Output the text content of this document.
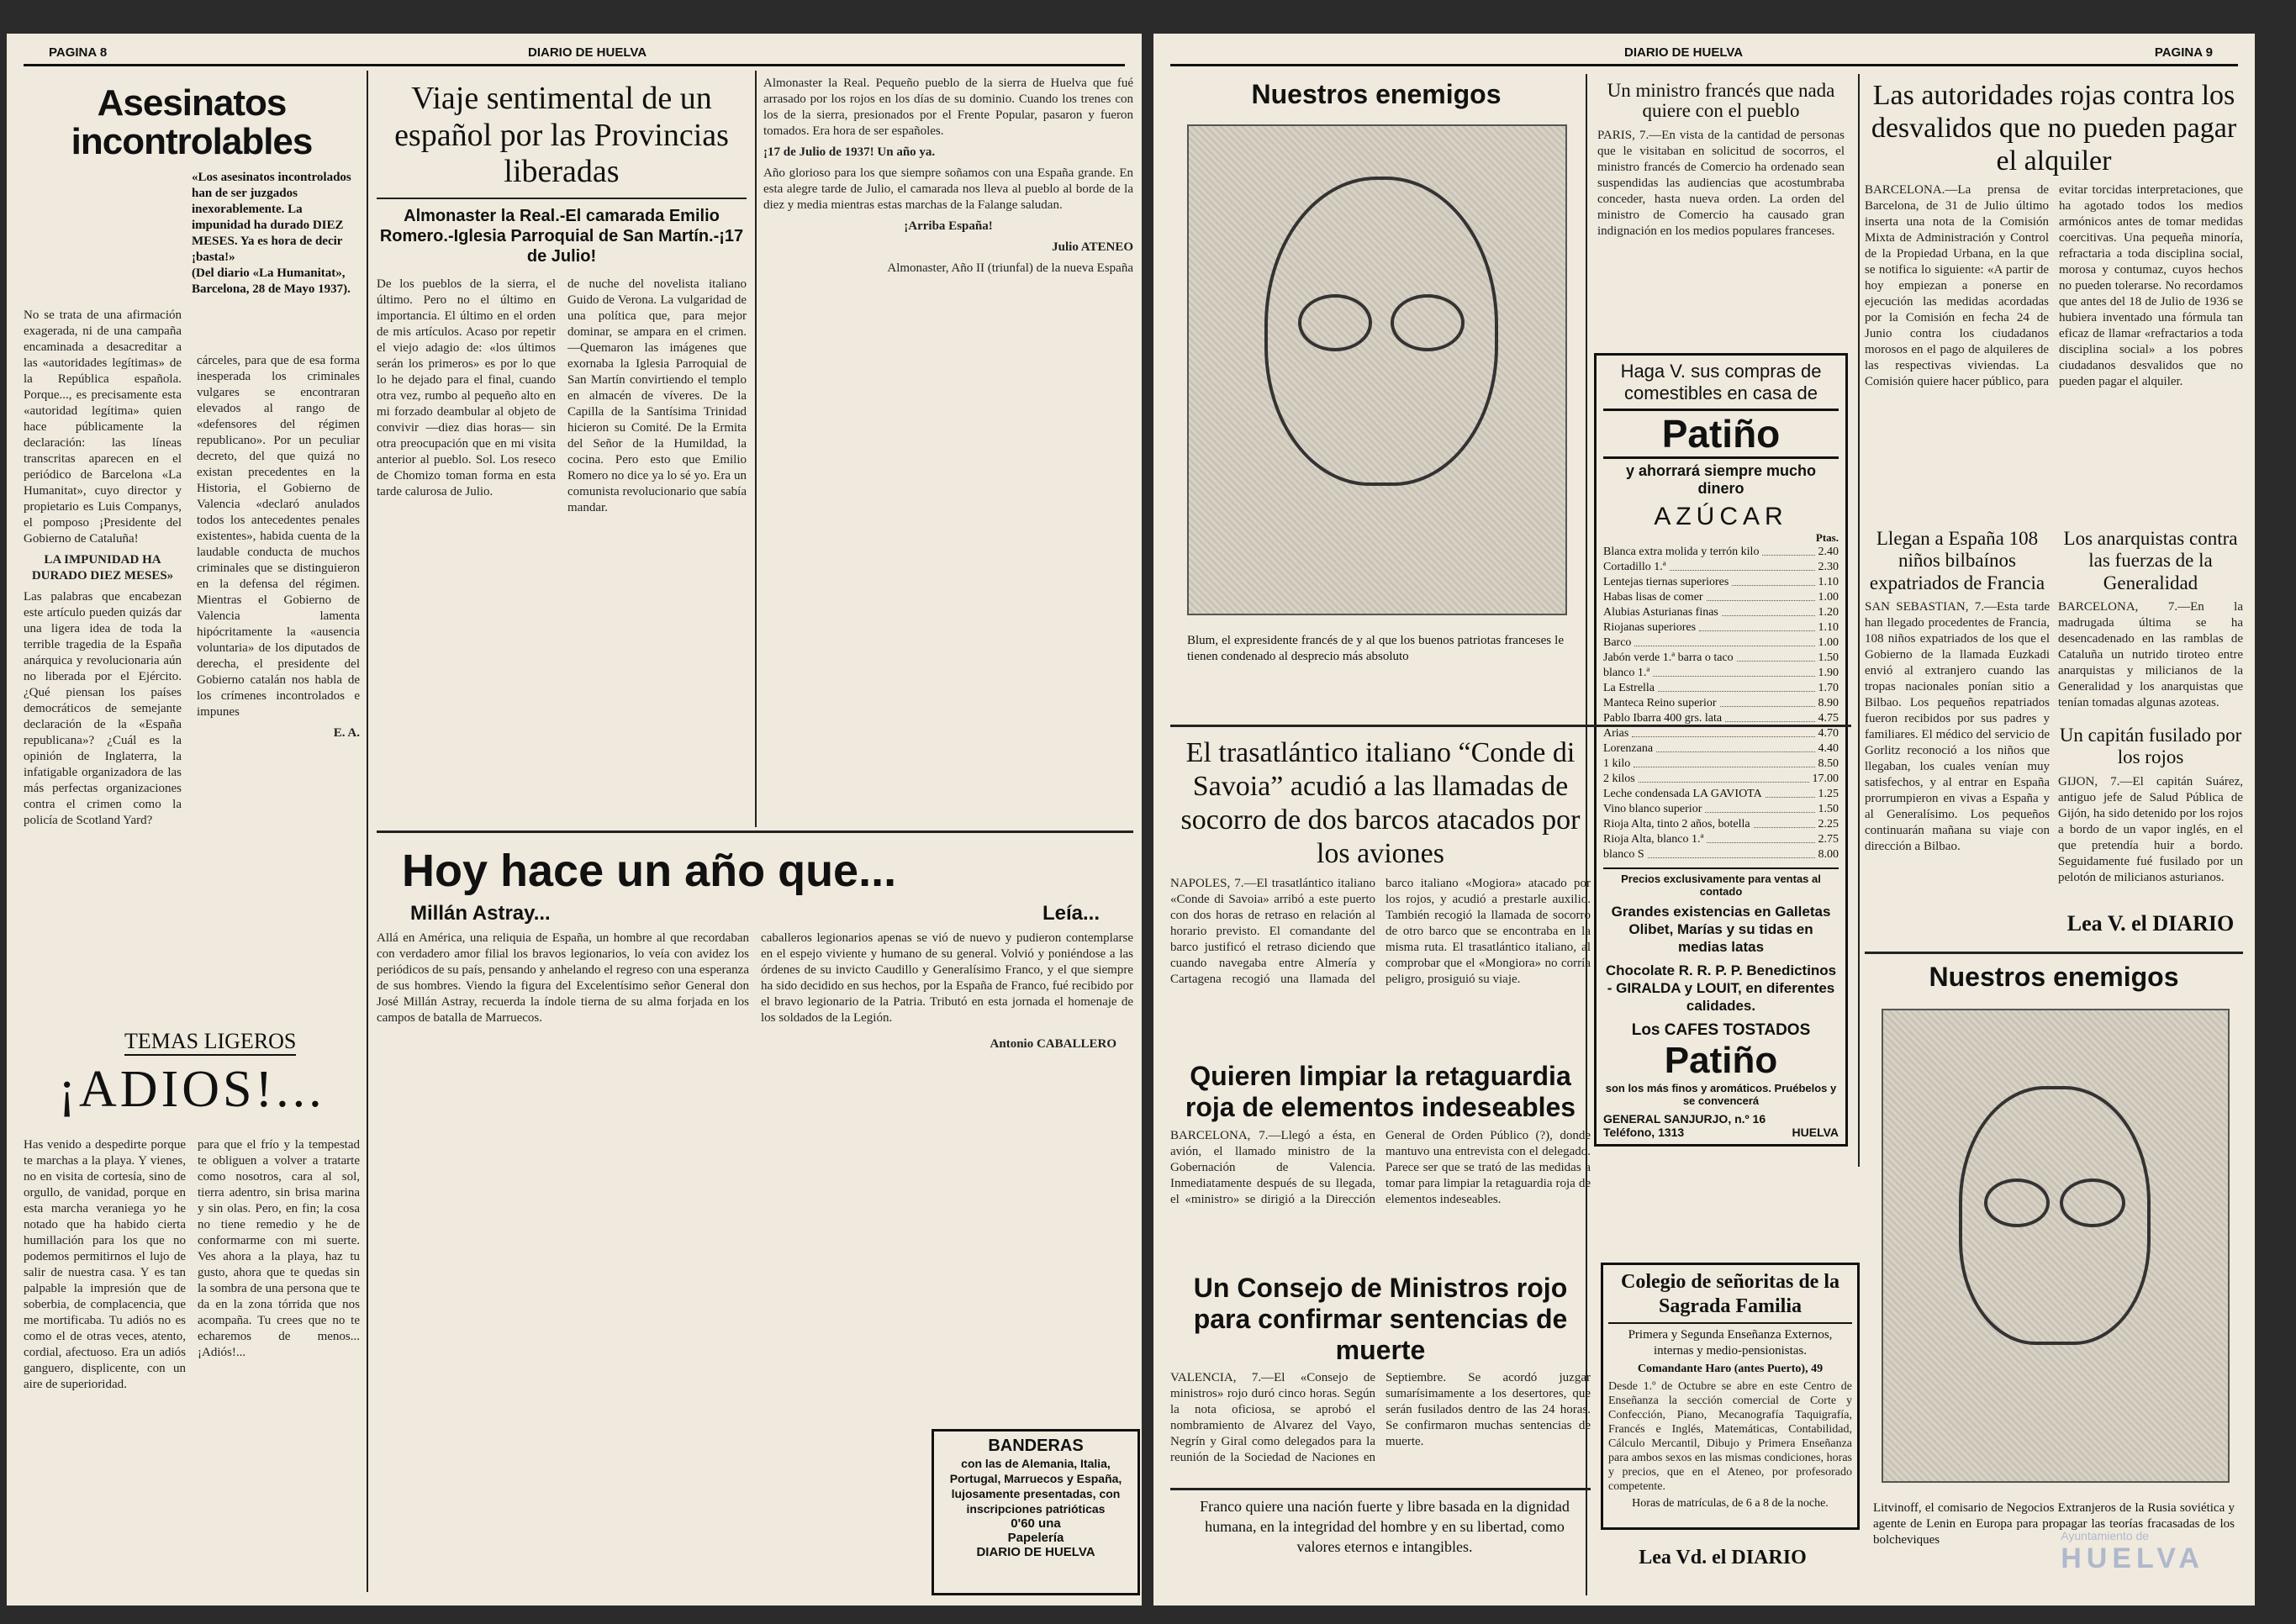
PAGINA 8	DIARIO DE HUELVA
Asesinatos incontrolables
«Los asesinatos incontrolados han de ser juzgados inexorablemente. La impunidad ha durado DIEZ MESES. Ya es hora de decir ¡basta!»
(Del diario «La Humanitat», Barcelona, 28 de Mayo 1937).

No se trata de una afirmación exagerada, ni de una campaña encaminada a desacreditar a las «autoridades legítimas» de la República española. Porque..., es precisamente esta «autoridad legítima» quien hace públicamente la declaración: las líneas transcritas aparecen en el periódico de Barcelona «La Humanitat», cuyo director y propietario es Luis Companys, el pomposo ¡Presidente del Gobierno de Cataluña!

LA IMPUNIDAD HA DURADO DIEZ MESES»

Las palabras que encabezan este artículo pueden quizás dar una ligera idea de toda la terrible tragedia de la España anárquica y revolucionaria aún no liberada por el Ejército. ¿Qué piensan los países democráticos de semejante declaración de la «España republicana»? ¿Cuál es la opinión de Inglaterra, la infatigable organizadora de las más perfectas organizaciones contra el crimen como la policía de Scotland Yard?

cárceles, para que de esa forma inesperada los criminales vulgares se encontraran elevados al rango de «defensores del régimen republicano». Por un peculiar decreto, del que quizá no existan precedentes en la Historia, el Gobierno de Valencia «declaró anulados todos los antecedentes penales existentes», habida cuenta de la laudable conducta de muchos criminales que se distinguieron en la defensa del régimen. Mientras el Gobierno de Valencia lamenta hipócritamente la «ausencia voluntaria» de los diputados de derecha, el presidente del Gobierno catalán nos habla de los crímenes incontrolados e impunes

E. A.

TEMAS LIGEROS
¡ADIOS!...

Has venido a despedirte porque te marchas a la playa. Y vienes, no en visita de cortesía, sino de orgullo, de vanidad, porque en esta marcha veraniega yo he notado que ha habido cierta humillación para los que no podemos permitirnos el lujo de salir de nuestra casa. Y es tan palpable la impresión que de soberbia, de complacencia, que me mortificaba. Tu adiós no es como el de otras veces, atento, cordial, afectuoso. Era un adiós ganguero, displicente, con un aire de superioridad.

para que el frío y la tempestad te obliguen a volver a tratarte como nosotros, cara al sol, tierra adentro, sin brisa marina y sin olas. Pero, en fin; la cosa no tiene remedio y he de conformarme con mi suerte. Ves ahora a la playa, haz tu gusto, ahora que te quedas sin la sombra de una persona que te da en la zona tórrida que nos acompaña. Tu crees que no te echaremos de menos... ¡Adiós!...

Viaje sentimental de un español por las Provincias liberadas
Almonaster la Real.-El camarada Emilio Romero.-Iglesia Parroquial de San Martín.-¡17 de Julio!

De los pueblos de la sierra, el último. Pero no el último en importancia. El último en el orden de mis artículos. Acaso por repetir el viejo adagio de: «los últimos serán los primeros» es por lo que lo he dejado para el final, cuando otra vez, rumbo al pequeño alto en mi forzado deambular al objeto de convivir —diez dias horas— sin otra preocupación que en mi visita anterior al pueblo. Sol. Los reseco de Chomizo toman forma en esta tarde calurosa de Julio.

de nuche del novelista italiano Guido de Verona. La vulgaridad de una política que, para mejor dominar, se ampara en el crimen. —Quemaron las imágenes que exornaba la Iglesia Parroquial de San Martín convirtiendo el templo en almacén de víveres. De la Capilla de la Santísima Trinidad hicieron su Comité. De la Ermita del Señor de la Humildad, la cocina. Pero esto que Emilio Romero no dice ya lo sé yo. Era un comunista revolucionario que sabía mandar.

Almonaster la Real. Pequeño pueblo de la sierra de Huelva que fué arrasado por los rojos en los días de su dominio. Cuando los trenes con los de la sierra, presionados por el Frente Popular, pasaron y fueron tomados. Era hora de ser españoles.

¡17 de Julio de 1937! Un año ya.

Año glorioso para los que siempre soñamos con una España grande. En esta alegre tarde de Julio, el camarada nos lleva al pueblo al borde de la diez y media mientras estas marchas de la Falange saludan.

¡Arriba España!

Julio ATENEO

Almonaster, Año II (triunfal) de la nueva España

Hoy hace un año que...
Millán Astray...	Leía...

Allá en América, una reliquia de España, un hombre al que recordaban con verdadero amor filial los bravos legionarios, lo veía con avidez los periódicos de su país, pensando y anhelando el regreso con una esperanza de sus hombres. Viendo la figura del Excelentísimo señor General don José Millán Astray, recuerda la índole tierna de su alma forjada en los campos de batalla de Marruecos.

caballeros legionarios apenas se vió de nuevo y pudieron contemplarse en el espejo viviente y humano de su general. Volvió y poniéndose a las órdenes de su invicto Caudillo y Generalísimo Franco, y el que siempre ha sido decidido en sus hechos, por la España de Franco, fué recibido por el bravo legionario de la Patria. Tributó en esta jornada el homenaje de los soldados de la Legión.

Antonio CABALLERO

BANDERAS
con las de Alemania, Italia, Portugal, Marruecos y España, lujosamente presentadas, con inscripciones patrióticas
0'60 una
Papelería
DIARIO DE HUELVA
DIARIO DE HUELVA	PAGINA 9
Nuestros enemigos

Blum, el expresidente francés de y al que los buenos patriotas franceses le tienen condenado al desprecio más absoluto

Un ministro francés que nada quiere con el pueblo

PARIS, 7.—En vista de la cantidad de personas que le visitaban en solicitud de socorros, el ministro francés de Comercio ha ordenado sean suspendidas las audiencias que acostumbraba conceder, hasta nueva orden. La orden del ministro de Comercio ha causado gran indignación en los medios populares franceses.

Haga V. sus compras de comestibles en casa de
Patiño
y ahorrará siempre mucho dinero
AZÚCAR
Ptas.
Blanca extra molida y terrón kilo	2.40
Cortadillo 1.ª	2.30
Lentejas tiernas superiores	1.10
Habas lisas de comer	1.00
Alubias Asturianas finas	1.20
Riojanas superiores	1.10
Barco	1.00
Jabón verde 1.ª barra o taco	1.50
blanco 1.ª	1.90
La Estrella	1.70
Manteca Reino superior	8.90
Pablo Ibarra 400 grs. lata	4.75
Arias	4.70
Lorenzana	4.40
1 kilo	8.50
2 kilos	17.00
Leche condensada LA GAVIOTA	1.25
Vino blanco superior	1.50
Rioja Alta, tinto 2 años, botella	2.25
Rioja Alta, blanco 1.ª	2.75
blanco S	8.00
Precios exclusivamente para ventas al contado
Grandes existencias en Galletas Olibet, Marías y su tidas en medias latas
Chocolate R. R. P. P. Benedictinos - GIRALDA y LOUIT, en diferentes calidades.
Los CAFES TOSTADOS
Patiño
son los más finos y aromáticos. Pruébelos y se convencerá
GENERAL SANJURJO, n.º 16
Teléfono, 1313	HUELVA
Las autoridades rojas contra los desvalidos que no pueden pagar el alquiler

BARCELONA.—La prensa de Barcelona, de 31 de Julio último inserta una nota de la Comisión Mixta de Administración y Control de la Propiedad Urbana, en la que se notifica lo siguiente: «A partir de hoy empiezan a ponerse en ejecución las medidas acordadas por la Comisión en fecha 24 de Junio contra los ciudadanos morosos en el pago de alquileres de las respectivas viviendas. La Comisión quiere hacer público, para evitar torcidas interpretaciones, que ha agotado todos los medios armónicos antes de tomar medidas coercitivas. Una pequeña minoría, refractaria a toda disciplina social, morosa y contumaz, cuyos hechos no pueden tolerarse. No recordamos que antes del 18 de Julio de 1936 se hubiera inventado una fórmula tan eficaz de llamar «refractarios a toda disciplina social» a los pobres ciudadanos desvalidos que no pueden pagar el alquiler.

Llegan a España 108 niños bilbaínos expatriados de Francia

SAN SEBASTIAN, 7.—Esta tarde han llegado procedentes de Francia, 108 niños expatriados de los que el Gobierno de la llamada Euzkadi envió al extranjero cuando las tropas nacionales ponían sitio a Bilbao. Los pequeños repatriados fueron recibidos por sus padres y familiares. El médico del servicio de Gorlitz reconoció a los niños que llegaban, los cuales venían muy satisfechos, y al entrar en España prorrumpieron en vivas a España y al Generalísimo. Los pequeños continuarán mañana su viaje con dirección a Bilbao.

Los anarquistas contra las fuerzas de la Generalidad

BARCELONA, 7.—En la madrugada última se ha desencadenado en las ramblas de Cataluña un nutrido tiroteo entre anarquistas y milicianos de la Generalidad y los anarquistas que tenían tomadas algunas azoteas.

Un capitán fusilado por los rojos

GIJON, 7.—El capitán Suárez, antiguo jefe de Salud Pública de Gijón, ha sido detenido por los rojos a bordo de un vapor inglés, en el que pretendía huir a bordo. Seguidamente fué fusilado por un pelotón de milicianos asturianos.

Lea V. el DIARIO
Nuestros enemigos

Litvinoff, el comisario de Negocios Extranjeros de la Rusia soviética y agente de Lenin en Europa para propagar las teorías fracasadas de los bolcheviques

El trasatlántico italiano “Conde di Savoia” acudió a las llamadas de socorro de dos barcos atacados por los aviones

NAPOLES, 7.—El trasatlántico italiano «Conde di Savoia» arribó a este puerto con dos horas de retraso en relación al horario previsto. El comandante del barco justificó el retraso diciendo que cuando navegaba entre Almería y Cartagena recogió una llamada del barco italiano «Mogiora» atacado por los rojos, y acudió a prestarle auxilio. También recogió la llamada de socorro de otro barco que se encontraba en la misma ruta. El trasatlántico italiano, al comprobar que el «Mongiora» no corría peligro, prosiguió su viaje.

Quieren limpiar la retaguardia roja de elementos indeseables

BARCELONA, 7.—Llegó a ésta, en avión, el llamado ministro de la Gobernación de Valencia. Inmediatamente después de su llegada, el «ministro» se dirigió a la Dirección General de Orden Público (?), donde mantuvo una entrevista con el delegado. Parece ser que se trató de las medidas a tomar para limpiar la retaguardia roja de elementos indeseables.

Un Consejo de Ministros rojo para confirmar sentencias de muerte

VALENCIA, 7.—El «Consejo de ministros» rojo duró cinco horas. Según la nota oficiosa, se aprobó el nombramiento de Alvarez del Vayo, Negrín y Giral como delegados para la reunión de la Sociedad de Naciones en Septiembre. Se acordó juzgar sumarísimamente a los desertores, que serán fusilados dentro de las 24 horas. Se confirmaron muchas sentencias de muerte.

Franco quiere una nación fuerte y libre basada en la dignidad humana, en la integridad del hombre y en su libertad, como valores eternos e intangibles.
Colegio de señoritas de la Sagrada Familia
Primera y Segunda Enseñanza Externos, internas y medio-pensionistas.
Comandante Haro (antes Puerto), 49

Desde 1.º de Octubre se abre en este Centro de Enseñanza la sección comercial de Corte y Confección, Piano, Mecanografía Taquigrafía, Francés e Inglés, Matemáticas, Contabilidad, Cálculo Mercantil, Dibujo y Primera Enseñanza para ambos sexos en las mismas condiciones, horas y precios, que en el Ateneo, por profesorado competente.

Horas de matrículas, de 6 a 8 de la noche.
Lea Vd. el DIARIO
Ayuntamiento de
HUELVA
